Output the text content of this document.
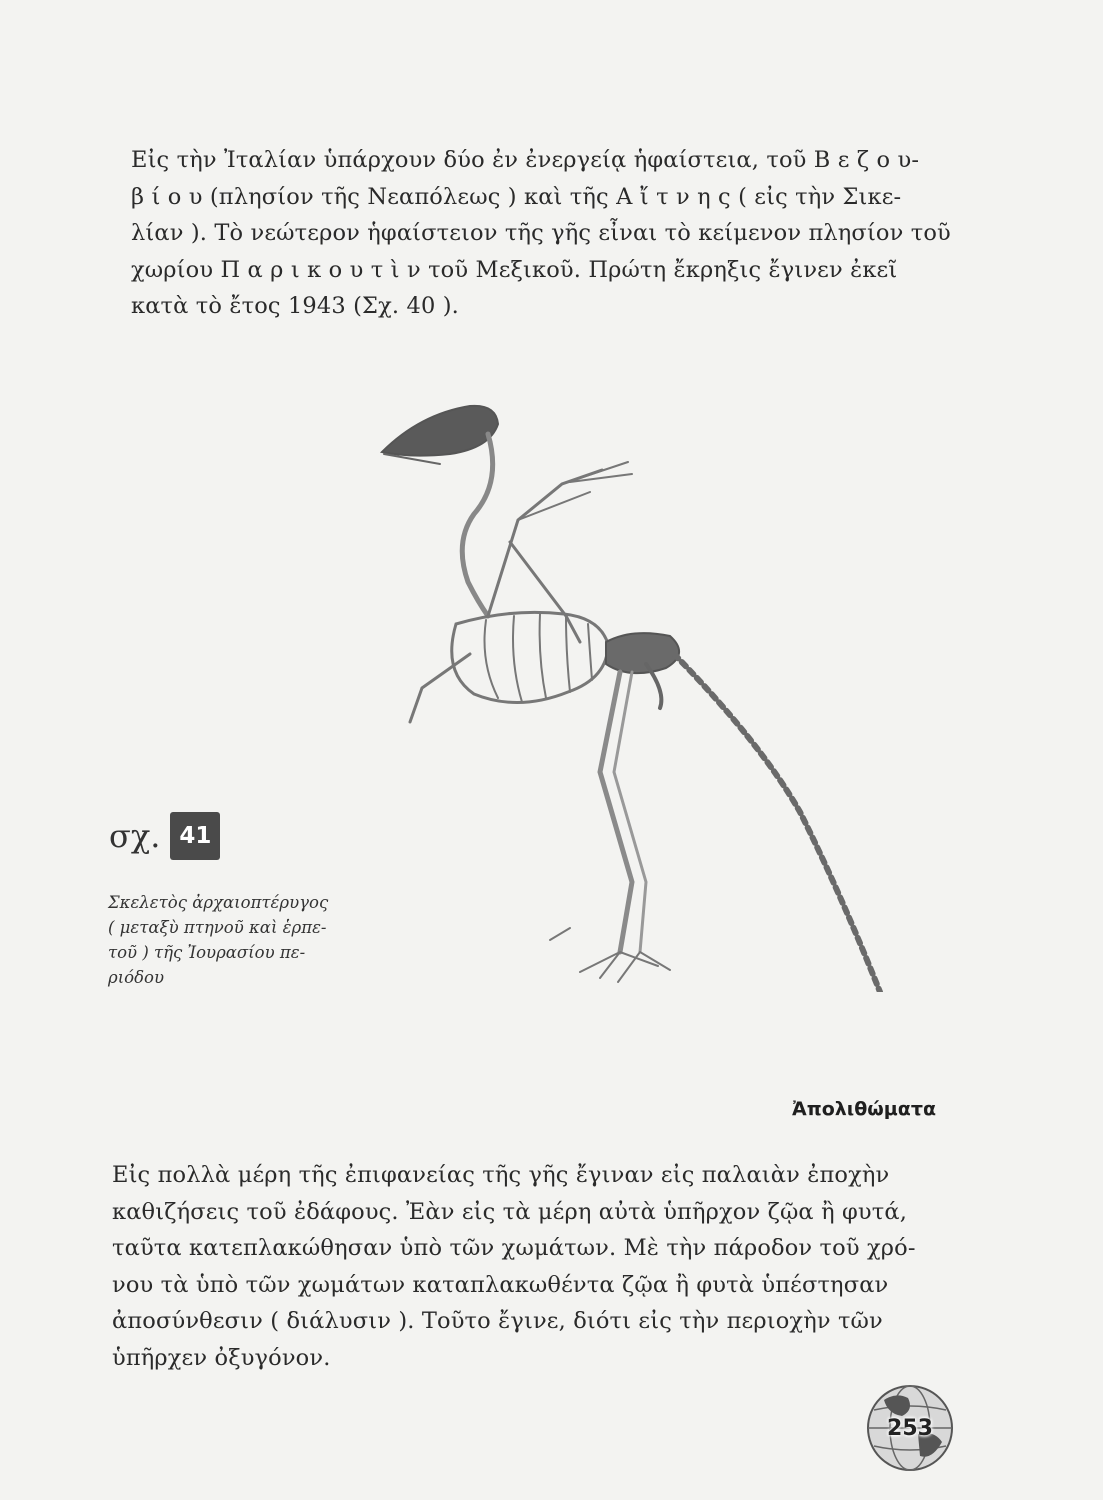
Εἰς τὴν Ἰταλίαν ὑπάρχουν δύο ἐν ἐνεργείᾳ ἡφαίστεια, τοῦ Β ε ζ ο υ-
β ί ο υ (πλησίον τῆς Νεαπόλεως ) καὶ τῆς Α ἴ τ ν η ς ( εἰς τὴν Σικε-
λίαν ). Τὸ νεώτερον ἡφαίστειον τῆς γῆς εἶναι τὸ κείμενον πλησίον τοῦ
χωρίου Π α ρ ι κ ο υ τ ὶ ν τοῦ Μεξικοῦ. Πρώτη ἔκρηξις ἔγινεν ἐκεῖ
κατὰ τὸ ἔτος 1943 (Σχ. 40 ).
σχ. 41
Σκελετὸς ἀρχαιοπτέρυγος
( μεταξὺ πτηνοῦ καὶ ἑρπε-
τοῦ ) τῆς Ἰουρασίου πε-
ριόδου
Ἀπολιθώματα
Εἰς πολλὰ μέρη τῆς ἐπιφανείας τῆς γῆς ἔγιναν εἰς παλαιὰν ἐποχὴν
καθιζήσεις τοῦ ἐδάφους. Ἐὰν εἰς τὰ μέρη αὐτὰ ὑπῆρχον ζῷα ἢ φυτά,
ταῦτα κατεπλακώθησαν ὑπὸ τῶν χωμάτων. Μὲ τὴν πάροδον τοῦ χρό-
νου τὰ ὑπὸ τῶν χωμάτων καταπλακωθέντα ζῷα ἢ φυτὰ ὑπέστησαν
ἀποσύνθεσιν ( διάλυσιν ). Τοῦτο ἔγινε, διότι εἰς τὴν περιοχὴν τῶν
ὑπῆρχεν ὀξυγόνον.
253
